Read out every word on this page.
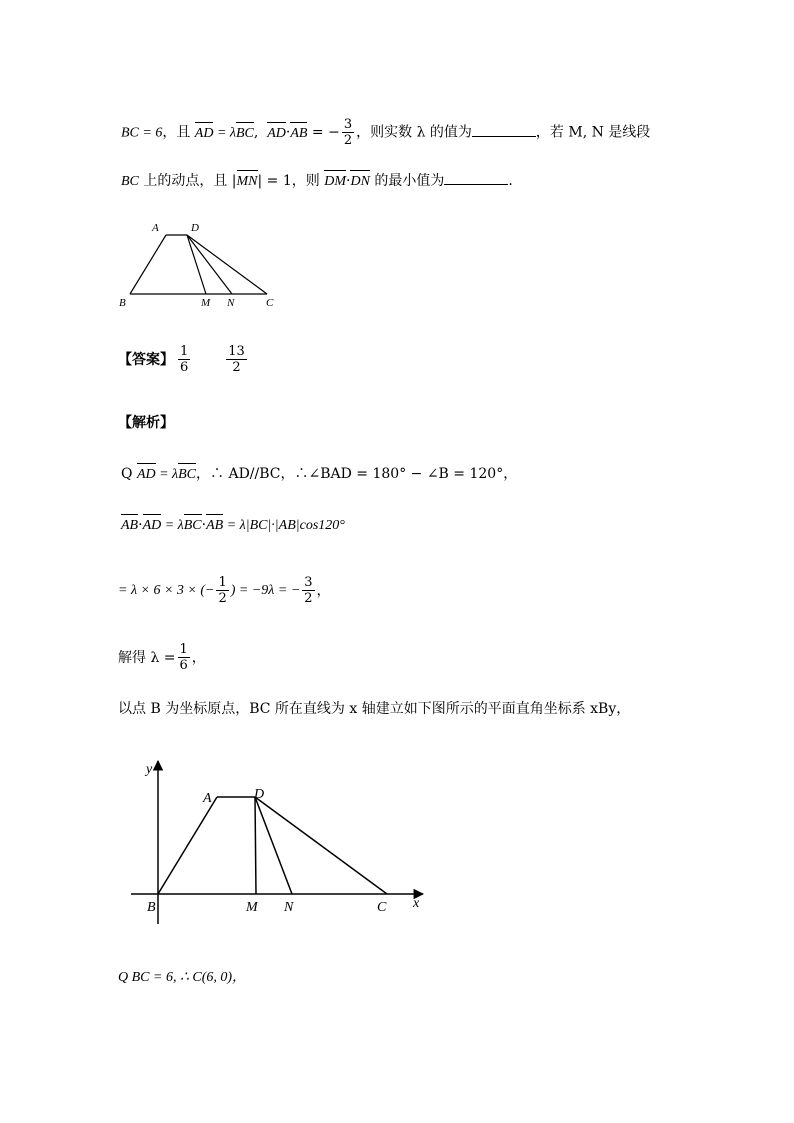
BC = 6，且 AD = λBC, AD·AB = − $\frac{3}{2}$ ，则实数 λ 的值为	，若 M, N 是线段
BC 上的动点，且 |MN| = 1，则 DM·DN 的最小值为	.
A	D
B	M N	C
【答案】 $\frac{1}{6}$	$\frac{13}{2}$
【解析】
Q AD = λBC，∴ AD//BC，∴∠BAD = 180° − ∠B = 120°，
AB·AD = λBC·AB = λ|BC|·|AB|cos120°
= λ × 6 × 3 × (− $\frac{1}{2}$ ) = −9λ = − $\frac{3}{2}$ ，
解得 $\lambda = \frac{1}{6}$ ，
以点 B 为坐标原点，BC 所在直线为 x 轴建立如下图所示的平面直角坐标系 xBy，
y
x
A	D
B	M N	C
Q BC = 6, ∴ C(6, 0)，
